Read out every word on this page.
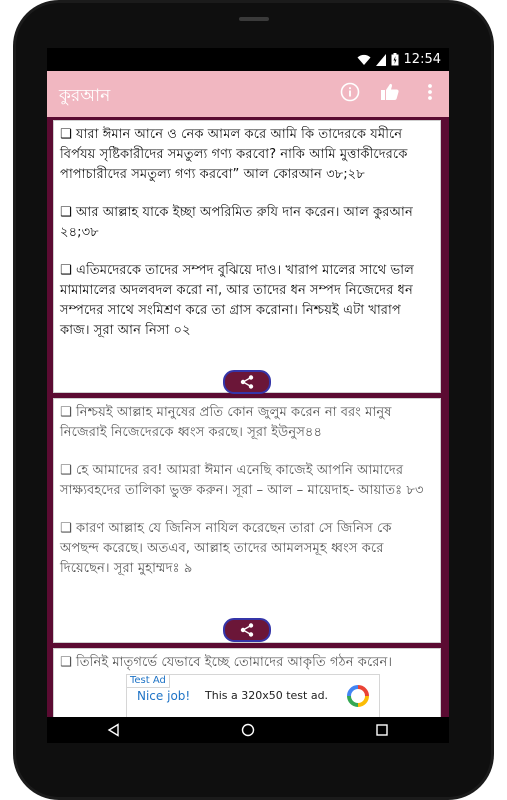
12:54
কুরআন

❑ যারা ঈমান আনে ও নেক আমল করে আমি কি তাদেরকে যমীনে বির্পযয় সৃষ্টিকারীদের সমতুল্য গণ্য করবো? নাকি আমি মুত্তাকীদেরকে পাপাচারীদের সমতুল্য গণ্য করবো” আল কোরআন ৩৮;২৮

❑ আর আল্লাহ যাকে ইচ্ছা অপরিমিত রুযি দান করেন। আল কুরআন ২৪;৩৮

❑ এতিমদেরকে তাদের সম্পদ বুঝিয়ে দাও। খারাপ মালের সাথে ভাল মামামালের অদলবদল করো না, আর তাদের ধন সম্পদ নিজেদের ধন সম্পদের সাথে সংমিশ্রণ করে তা গ্রাস করোনা। নিশ্চয়ই এটা খারাপ কাজ। সূরা আন নিসা ০২

❑ নিশ্চয়ই আল্লাহ মানুষের প্রতি কোন জুলুম করেন না বরং মানুষ নিজেরাই নিজেদেরকে ধ্বংস করছে। সূরা ইউনুস৪৪

❑ হে আমাদের রব! আমরা ঈমান এনেছি কাজেই আপনি আমাদের সাক্ষ্যবহদের তালিকা ভুক্ত করুন। সূরা – আল – মায়েদাহ- আয়াতঃ ৮৩

❑ কারণ আল্লাহ যে জিনিস নাযিল করেছেন তারা সে জিনিস কে অপছন্দ করেছে। অতএব, আল্লাহ তাদের আমলসমূহ ধ্বংস করে দিয়েছেন। সূরা মুহাম্মদঃ ৯

❑ তিনিই মাতৃগর্ভে যেভাবে ইচ্ছে তোমাদের আকৃতি গঠন করেন।

Test Ad
Nice job! This a 320x50 test ad.
